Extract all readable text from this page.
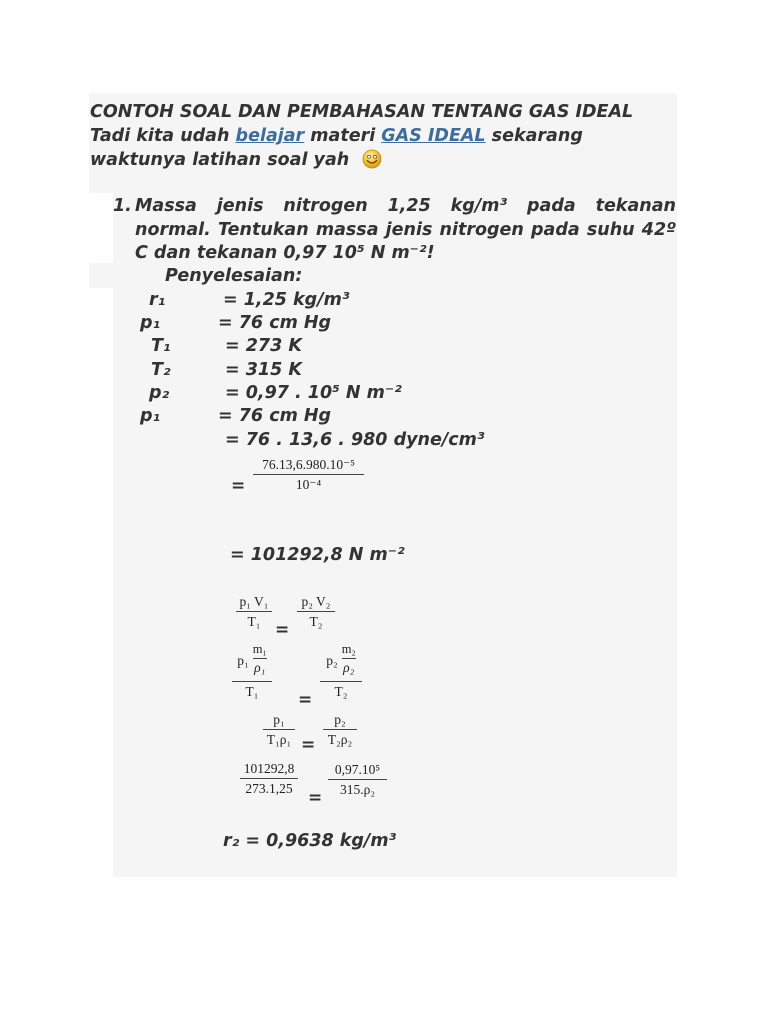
CONTOH SOAL DAN PEMBAHASAN TENTANG GAS IDEAL
Tadi kita udah belajar materi GAS IDEAL sekarang
waktunya latihan soal yah
1. Massa jenis nitrogen 1,25 kg/m³ pada tekanan
normal. Tentukan massa jenis nitrogen pada suhu 42º
C dan tekanan 0,97 10⁵ N m⁻²!
Penyelesaian:
r₁	= 1,25 kg/m³
p₁	= 76 cm Hg
T₁	= 273 K
T₂	= 315 K
p₂	= 0,97 . 10⁵ N m⁻²
p₁	= 76 cm Hg
= 76 . 13,6 . 980 dyne/cm³
=
76.13,6.980.10⁻⁵
10⁻⁴
= 101292,8 N m⁻²
p₁ V₁
T₁ =
p₂ V₂
T₂
p₁
m₁
ρ₁
T₁ =
p₂
m₂
ρ₂
T₂
p₁
T₁ρ₁ =
p₂
T₂ρ₂
101292,8
273.1,25 =
0,97.10⁵
315.ρ₂
r₂ = 0,9638 kg/m³
